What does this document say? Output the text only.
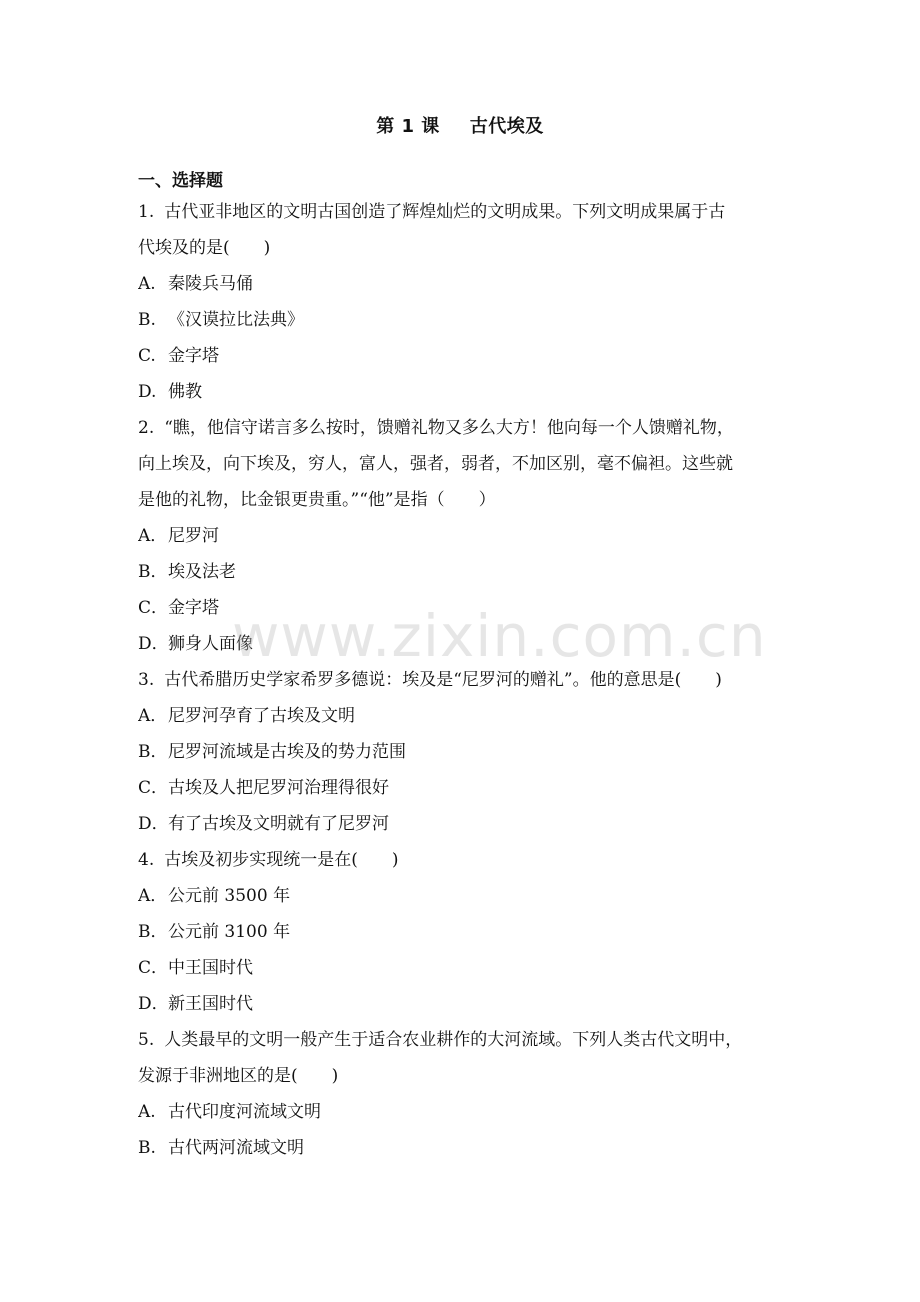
第 1 课 古代埃及
一、选择题
1. 古代亚非地区的文明古国创造了辉煌灿烂的文明成果。下列文明成果属于古
代埃及的是(　　)
A. 秦陵兵马俑
B. 《汉谟拉比法典》
C. 金字塔
D. 佛教
2. “瞧，他信守诺言多么按时，馈赠礼物又多么大方！他向每一个人馈赠礼物，
向上埃及，向下埃及，穷人，富人，强者，弱者，不加区别，毫不偏袒。这些就
是他的礼物，比金银更贵重。”“他”是指（　　）
A．尼罗河
B．埃及法老
C．金字塔
D．狮身人面像
3. 古代希腊历史学家希罗多德说：埃及是“尼罗河的赠礼”。他的意思是(　　)
A．尼罗河孕育了古埃及文明
B．尼罗河流域是古埃及的势力范围
C．古埃及人把尼罗河治理得很好
D．有了古埃及文明就有了尼罗河
4. 古埃及初步实现统一是在(　　)
A．公元前 3500 年
B．公元前 3100 年
C．中王国时代
D．新王国时代
5. 人类最早的文明一般产生于适合农业耕作的大河流域。下列人类古代文明中，
发源于非洲地区的是(　　)
A. 古代印度河流域文明
B. 古代两河流域文明
www.zixin.com.cn
